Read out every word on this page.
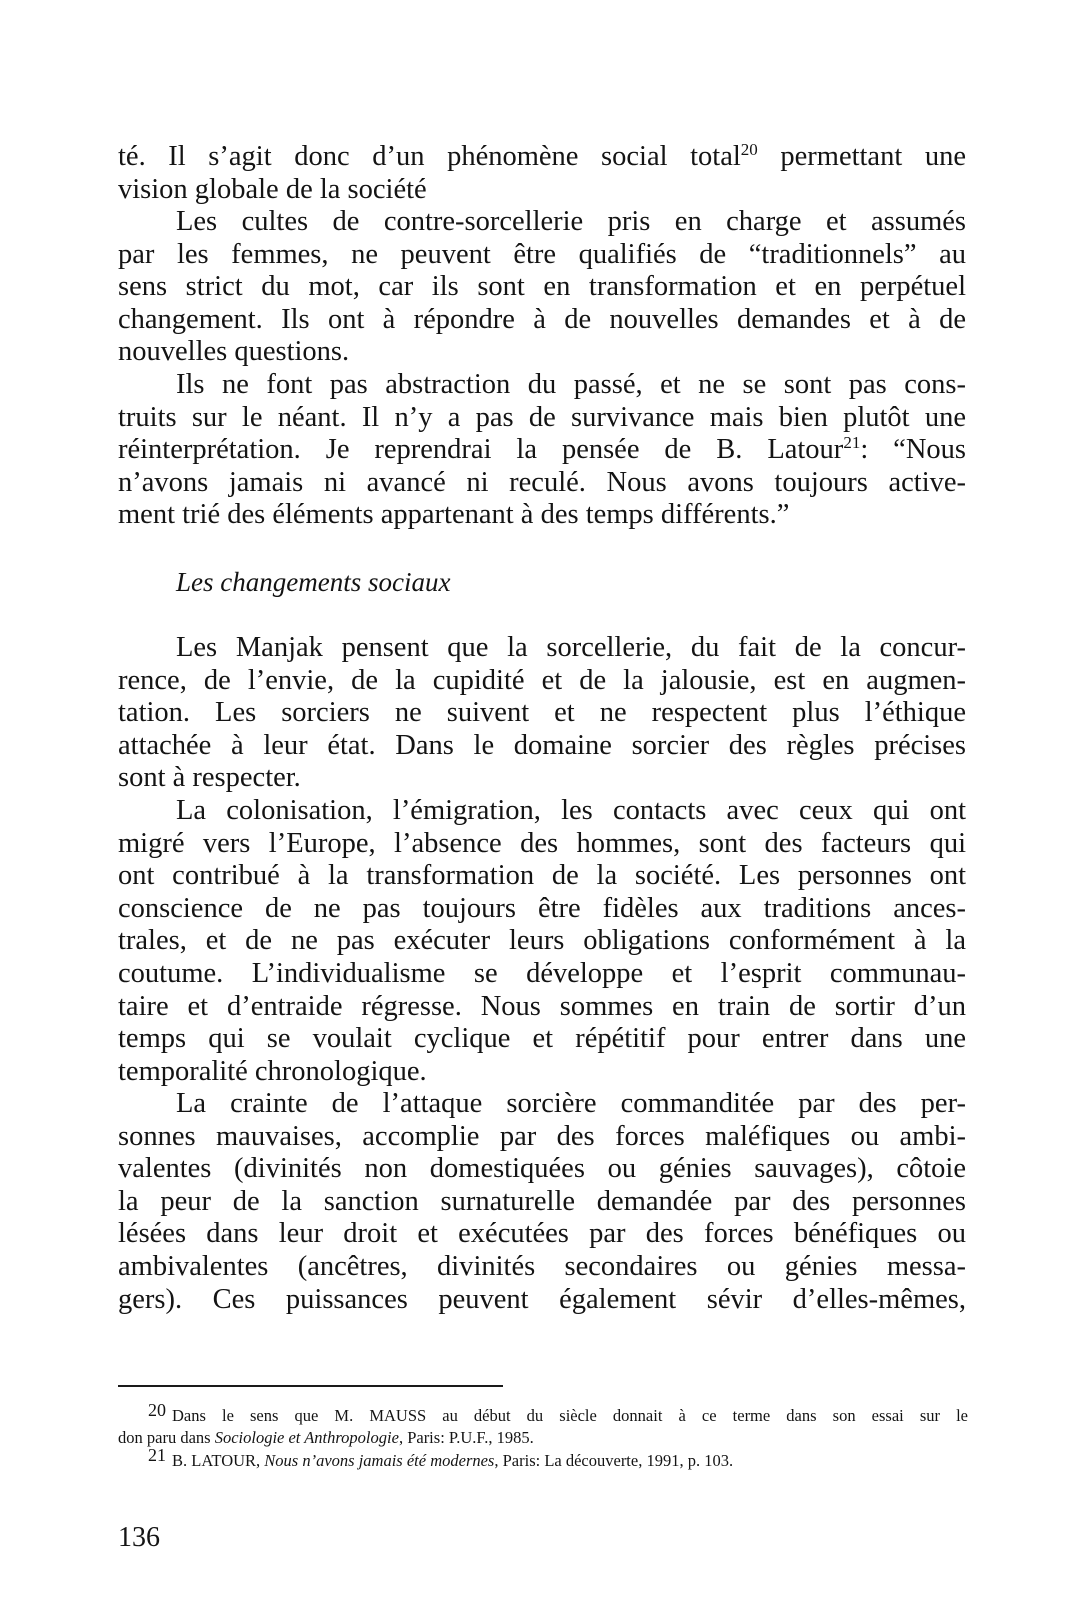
té. Il s’agit donc d’un phénomène social total$^{20}$ permettant une
vision globale de la société
Les cultes de contre-sorcellerie pris en charge et assumés
par les femmes, ne peuvent être qualifiés de “traditionnels” au
sens strict du mot, car ils sont en transformation et en perpétuel
changement. Ils ont à répondre à de nouvelles demandes et à de
nouvelles questions.
Ils ne font pas abstraction du passé, et ne se sont pas cons-
truits sur le néant. Il n’y a pas de survivance mais bien plutôt une
réinterprétation. Je reprendrai la pensée de B. Latour$^{21}$: “Nous
n’avons jamais ni avancé ni reculé. Nous avons toujours active-
ment trié des éléments appartenant à des temps différents.”
Les changements sociaux
Les Manjak pensent que la sorcellerie, du fait de la concur-
rence, de l’envie, de la cupidité et de la jalousie, est en augmen-
tation. Les sorciers ne suivent et ne respectent plus l’éthique
attachée à leur état. Dans le domaine sorcier des règles précises
sont à respecter.
La colonisation, l’émigration, les contacts avec ceux qui ont
migré vers l’Europe, l’absence des hommes, sont des facteurs qui
ont contribué à la transformation de la société. Les personnes ont
conscience de ne pas toujours être fidèles aux traditions ances-
trales, et de ne pas exécuter leurs obligations conformément à la
coutume. L’individualisme se développe et l’esprit communau-
taire et d’entraide régresse. Nous sommes en train de sortir d’un
temps qui se voulait cyclique et répétitif pour entrer dans une
temporalité chronologique.
La crainte de l’attaque sorcière commanditée par des per-
sonnes mauvaises, accomplie par des forces maléfiques ou ambi-
valentes (divinités non domestiquées ou génies sauvages), côtoie
la peur de la sanction surnaturelle demandée par des personnes
lésées dans leur droit et exécutées par des forces bénéfiques ou
ambivalentes (ancêtres, divinités secondaires ou génies messa-
gers). Ces puissances peuvent également sévir d’elles-mêmes,
20 Dans le sens que M. MAUSS au début du siècle donnait à ce terme dans son essai sur le
don paru dans Sociologie et Anthropologie, Paris: P.U.F., 1985.
21 B. LATOUR, Nous n’avons jamais été modernes, Paris: La découverte, 1991, p. 103.
136
